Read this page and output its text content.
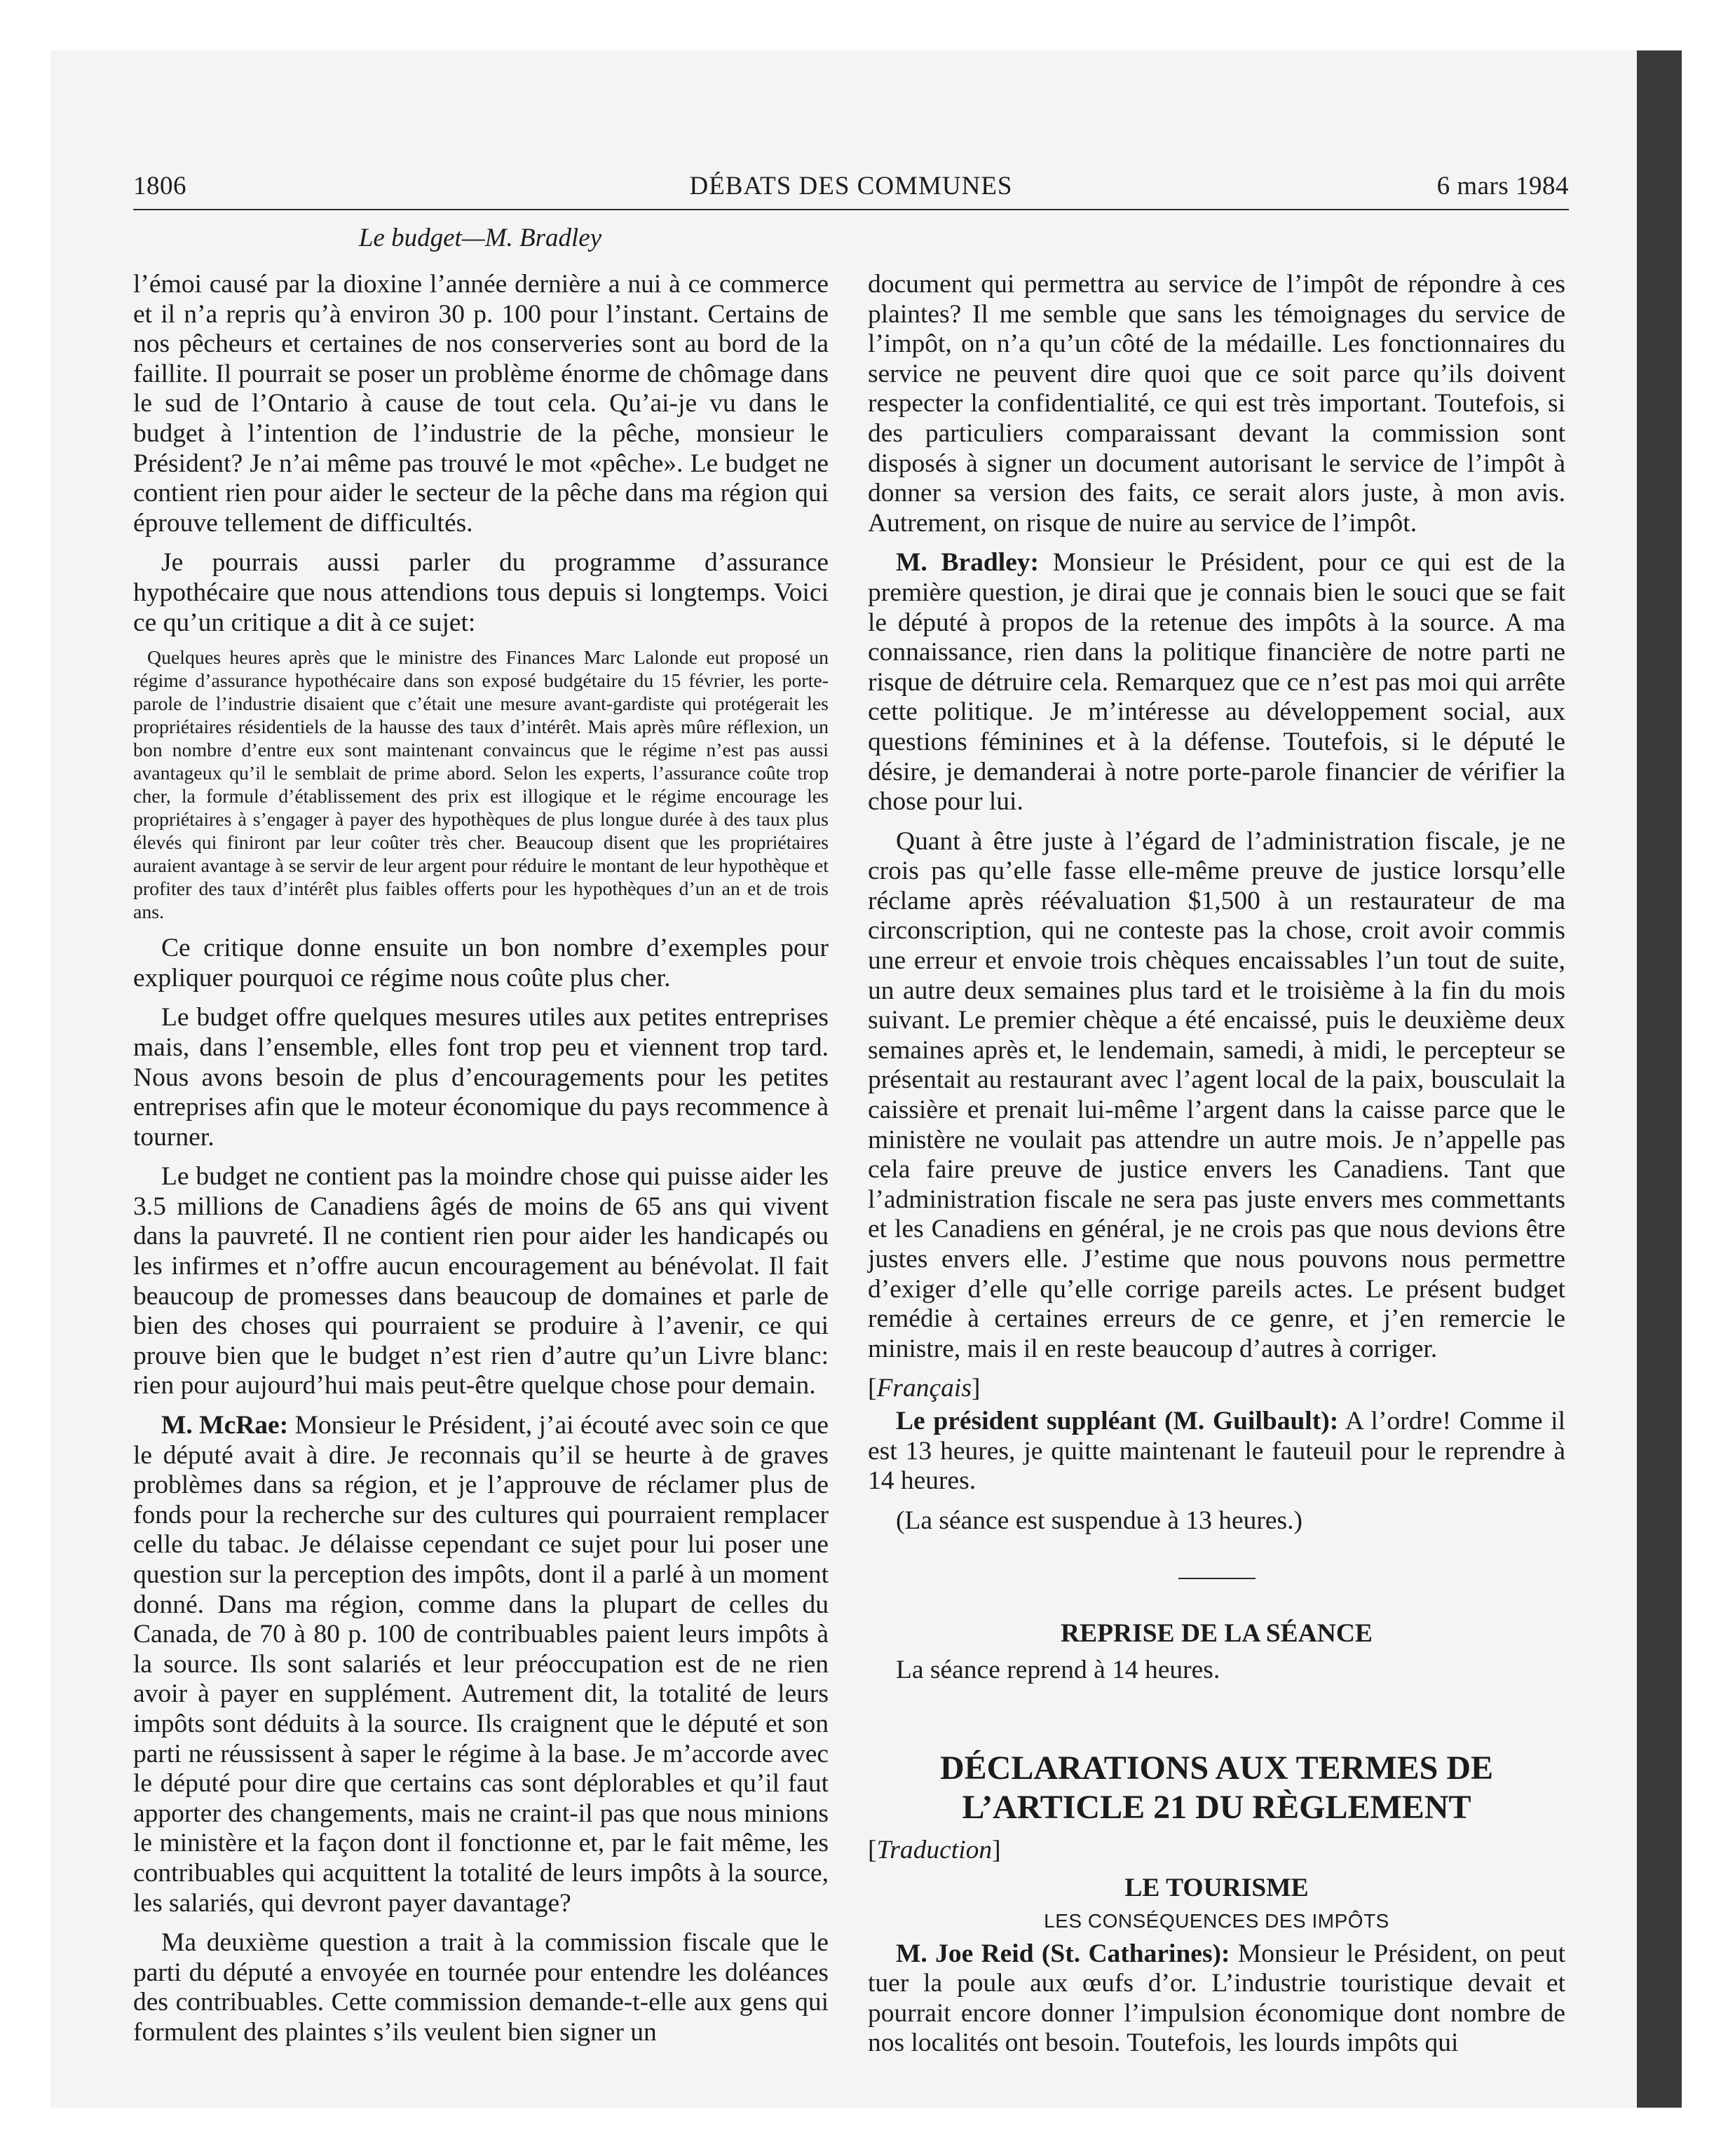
1806	DÉBATS DES COMMUNES	6 mars 1984
Le budget—M. Bradley

l’émoi causé par la dioxine l’année dernière a nui à ce commerce et il n’a repris qu’à environ 30 p. 100 pour l’instant. Certains de nos pêcheurs et certaines de nos conserveries sont au bord de la faillite. Il pourrait se poser un problème énorme de chômage dans le sud de l’Ontario à cause de tout cela. Qu’ai-je vu dans le budget à l’intention de l’industrie de la pêche, monsieur le Président? Je n’ai même pas trouvé le mot «pêche». Le budget ne contient rien pour aider le secteur de la pêche dans ma région qui éprouve tellement de difficultés.

Je pourrais aussi parler du programme d’assurance hypothécaire que nous attendions tous depuis si longtemps. Voici ce qu’un critique a dit à ce sujet:

Quelques heures après que le ministre des Finances Marc Lalonde eut proposé un régime d’assurance hypothécaire dans son exposé budgétaire du 15 février, les porte-parole de l’industrie disaient que c’était une mesure avant-gardiste qui protégerait les propriétaires résidentiels de la hausse des taux d’intérêt. Mais après mûre réflexion, un bon nombre d’entre eux sont maintenant convaincus que le régime n’est pas aussi avantageux qu’il le semblait de prime abord. Selon les experts, l’assurance coûte trop cher, la formule d’établissement des prix est illogique et le régime encourage les propriétaires à s’engager à payer des hypothèques de plus longue durée à des taux plus élevés qui finiront par leur coûter très cher. Beaucoup disent que les propriétaires auraient avantage à se servir de leur argent pour réduire le montant de leur hypothèque et profiter des taux d’intérêt plus faibles offerts pour les hypothèques d’un an et de trois ans.

Ce critique donne ensuite un bon nombre d’exemples pour expliquer pourquoi ce régime nous coûte plus cher.

Le budget offre quelques mesures utiles aux petites entreprises mais, dans l’ensemble, elles font trop peu et viennent trop tard. Nous avons besoin de plus d’encouragements pour les petites entreprises afin que le moteur économique du pays recommence à tourner.

Le budget ne contient pas la moindre chose qui puisse aider les 3.5 millions de Canadiens âgés de moins de 65 ans qui vivent dans la pauvreté. Il ne contient rien pour aider les handicapés ou les infirmes et n’offre aucun encouragement au bénévolat. Il fait beaucoup de promesses dans beaucoup de domaines et parle de bien des choses qui pourraient se produire à l’avenir, ce qui prouve bien que le budget n’est rien d’autre qu’un Livre blanc: rien pour aujourd’hui mais peut-être quelque chose pour demain.

M. McRae: Monsieur le Président, j’ai écouté avec soin ce que le député avait à dire. Je reconnais qu’il se heurte à de graves problèmes dans sa région, et je l’approuve de réclamer plus de fonds pour la recherche sur des cultures qui pourraient remplacer celle du tabac. Je délaisse cependant ce sujet pour lui poser une question sur la perception des impôts, dont il a parlé à un moment donné. Dans ma région, comme dans la plupart de celles du Canada, de 70 à 80 p. 100 de contribuables paient leurs impôts à la source. Ils sont salariés et leur préoccupation est de ne rien avoir à payer en supplément. Autrement dit, la totalité de leurs impôts sont déduits à la source. Ils craignent que le député et son parti ne réussissent à saper le régime à la base. Je m’accorde avec le député pour dire que certains cas sont déplorables et qu’il faut apporter des changements, mais ne craint-il pas que nous minions le ministère et la façon dont il fonctionne et, par le fait même, les contribuables qui acquittent la totalité de leurs impôts à la source, les salariés, qui devront payer davantage?

Ma deuxième question a trait à la commission fiscale que le parti du député a envoyée en tournée pour entendre les doléances des contribuables. Cette commission demande-t-elle aux gens qui formulent des plaintes s’ils veulent bien signer un

document qui permettra au service de l’impôt de répondre à ces plaintes? Il me semble que sans les témoignages du service de l’impôt, on n’a qu’un côté de la médaille. Les fonctionnaires du service ne peuvent dire quoi que ce soit parce qu’ils doivent respecter la confidentialité, ce qui est très important. Toutefois, si des particuliers comparaissant devant la commission sont disposés à signer un document autorisant le service de l’impôt à donner sa version des faits, ce serait alors juste, à mon avis. Autrement, on risque de nuire au service de l’impôt.

M. Bradley: Monsieur le Président, pour ce qui est de la première question, je dirai que je connais bien le souci que se fait le député à propos de la retenue des impôts à la source. A ma connaissance, rien dans la politique financière de notre parti ne risque de détruire cela. Remarquez que ce n’est pas moi qui arrête cette politique. Je m’intéresse au développement social, aux questions féminines et à la défense. Toutefois, si le député le désire, je demanderai à notre porte-parole financier de vérifier la chose pour lui.

Quant à être juste à l’égard de l’administration fiscale, je ne crois pas qu’elle fasse elle-même preuve de justice lorsqu’elle réclame après réévaluation $1,500 à un restaurateur de ma circonscription, qui ne conteste pas la chose, croit avoir commis une erreur et envoie trois chèques encaissables l’un tout de suite, un autre deux semaines plus tard et le troisième à la fin du mois suivant. Le premier chèque a été encaissé, puis le deuxième deux semaines après et, le lendemain, samedi, à midi, le percepteur se présentait au restaurant avec l’agent local de la paix, bousculait la caissière et prenait lui-même l’argent dans la caisse parce que le ministère ne voulait pas attendre un autre mois. Je n’appelle pas cela faire preuve de justice envers les Canadiens. Tant que l’administration fiscale ne sera pas juste envers mes commettants et les Canadiens en général, je ne crois pas que nous devions être justes envers elle. J’estime que nous pouvons nous permettre d’exiger d’elle qu’elle corrige pareils actes. Le présent budget remédie à certaines erreurs de ce genre, et j’en remercie le ministre, mais il en reste beaucoup d’autres à corriger.

[Français]

Le président suppléant (M. Guilbault): A l’ordre! Comme il est 13 heures, je quitte maintenant le fauteuil pour le reprendre à 14 heures.

(La séance est suspendue à 13 heures.)

REPRISE DE LA SÉANCE

La séance reprend à 14 heures.

DÉCLARATIONS AUX TERMES DE
L’ARTICLE 21 DU RÈGLEMENT

[Traduction]

LE TOURISME
LES CONSÉQUENCES DES IMPÔTS

M. Joe Reid (St. Catharines): Monsieur le Président, on peut tuer la poule aux œufs d’or. L’industrie touristique devait et pourrait encore donner l’impulsion économique dont nombre de nos localités ont besoin. Toutefois, les lourds impôts qui
